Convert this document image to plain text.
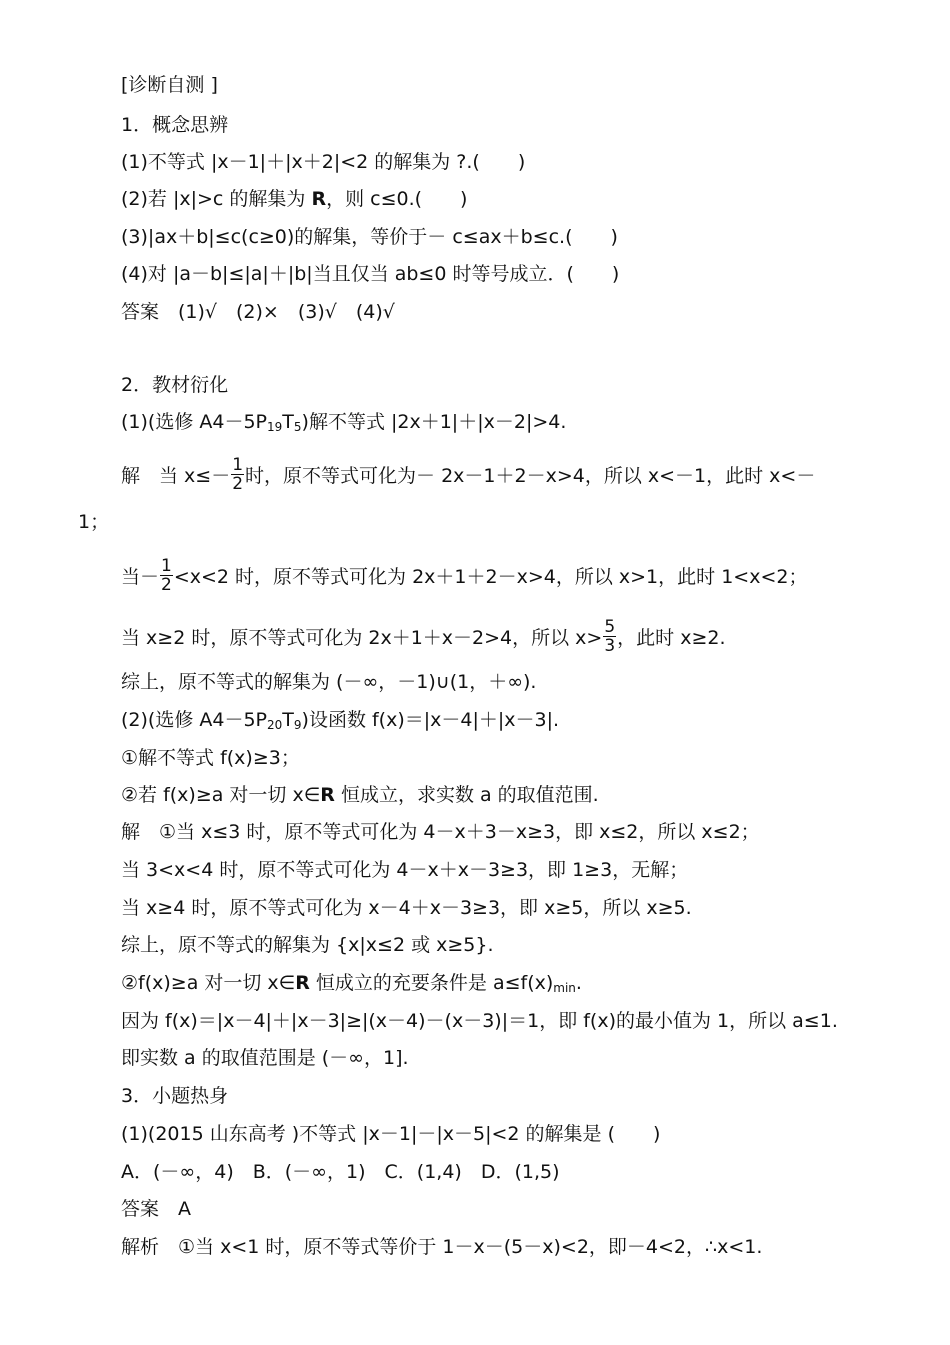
[诊断自测 ]
1．概念思辨
(1)不等式 |x－1|＋|x＋2|<2 的解集为 ?.(　　)
(2)若 |x|>c 的解集为 R，则 c≤0.(　　)
(3)|ax＋b|≤c(c≥0)的解集，等价于－ c≤ax＋b≤c.(　　)
(4)对 |a－b|≤|a|＋|b|当且仅当 ab≤0 时等号成立．(　　)
答案　(1)√　(2)×　(3)√　(4)√
2．教材衍化
(1)(选修 $A4-5P_{19}T_5$)解不等式 |2x＋1|＋|x－2|>4.
解　当 $x\le- \frac{1}{2}$ 时，原不等式可化为－ 2x－1＋2－x>4，所以 x<－1，此时 x<－
1；
当－ $\frac{1}{2} <x<2$ 时，原不等式可化为 2x＋1＋2－x>4，所以 x>1，此时 1<x<2；
当 x≥2 时，原不等式可化为 2x＋1＋x－2>4，所以 $x> \frac{5}{3}$ ，此时 x≥2.
综上，原不等式的解集为 (－∞，－1)∪(1，＋∞).
(2)(选修 $A4-5P_{20}T_9$)设函数 f(x)＝|x－4|＋|x－3|.
①解不等式 f(x)≥3；
②若 f(x)≥a 对一切 x∈R 恒成立，求实数 a 的取值范围.
解　①当 x≤3 时，原不等式可化为 4－x＋3－x≥3，即 x≤2，所以 x≤2；
当 3<x<4 时，原不等式可化为 4－x＋x－3≥3，即 1≥3，无解；
当 x≥4 时，原不等式可化为 x－4＋x－3≥3，即 x≥5，所以 x≥5.
综上，原不等式的解集为 {x|x≤2 或 x≥5}.
②f(x)≥a 对一切 x∈R 恒成立的充要条件是 $a\le f(x)_{min}$.
因为 f(x)＝|x－4|＋|x－3|≥|(x－4)－(x－3)|＝1，即 f(x)的最小值为 1，所以 a≤1.
即实数 a 的取值范围是 (－∞，1].
3．小题热身
(1)(2015 山东高考 )不等式 |x－1|－|x－5|<2 的解集是 (　　)
A．(－∞，4)　B．(－∞，1)　C．(1,4)　D．(1,5)
答案　A
解析　①当 x<1 时，原不等式等价于 1－x－(5－x)<2，即－4<2，∴x<1.
